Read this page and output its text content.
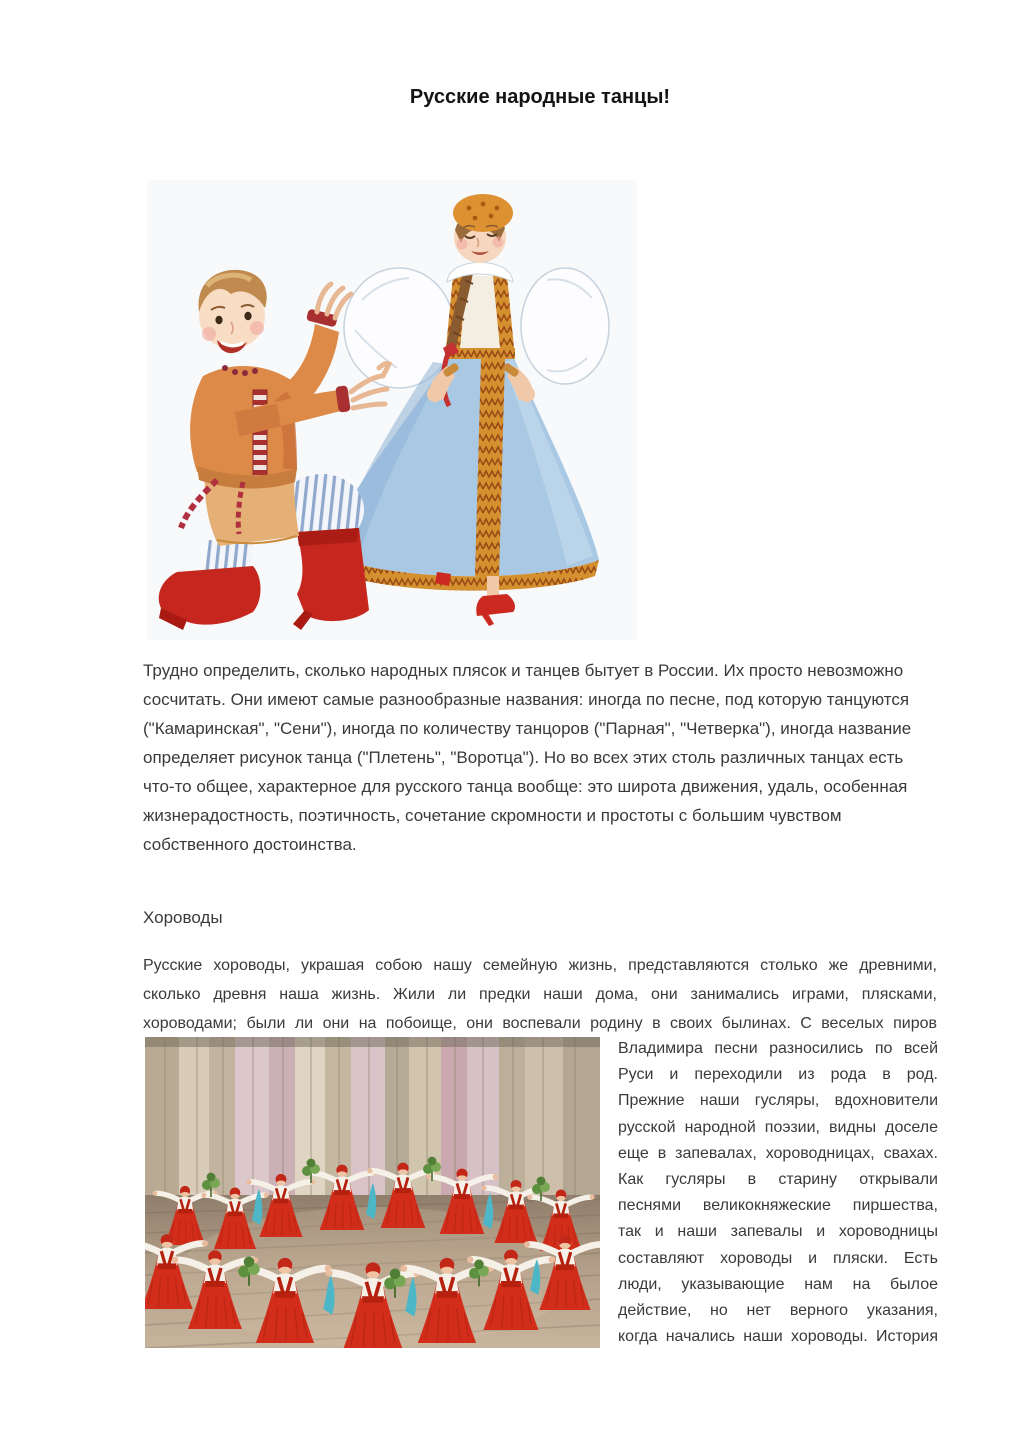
Русские народные танцы!
Трудно определить, сколько народных плясок и танцев бытует в России. Их просто невозможно
сосчитать. Они имеют самые разнообразные названия: иногда по песне, под которую танцуются
("Камаринская", "Сени"), иногда по количеству танцоров ("Парная", "Четверка"), иногда название
определяет рисунок танца ("Плетень", "Воротца"). Но во всех этих столь различных танцах есть
что-то общее, характерное для русского танца вообще: это широта движения, удаль, особенная
жизнерадостность, поэтичность, сочетание скромности и простоты с большим чувством
собственного достоинства.
Хороводы
Русские хороводы, украшая собою нашу семейную жизнь, представляются столько же древними,
сколько древня наша жизнь. Жили ли предки наши дома, они занимались играми, плясками,
хороводами; были ли они на побоище, они воспевали родину в своих былинах. С веселых пиров
Владимира песни разносились по всей
Руси и переходили из рода в род.
Прежние наши гусляры, вдохновители
русской народной поэзии, видны доселе
еще в запевалах, хороводницах, свахах.
Как гусляры в старину открывали
песнями великокняжеские пиршества,
так и наши запевалы и хороводницы
составляют хороводы и пляски. Есть
люди, указывающие нам на былое
действие, но нет верного указания,
когда начались наши хороводы. История
